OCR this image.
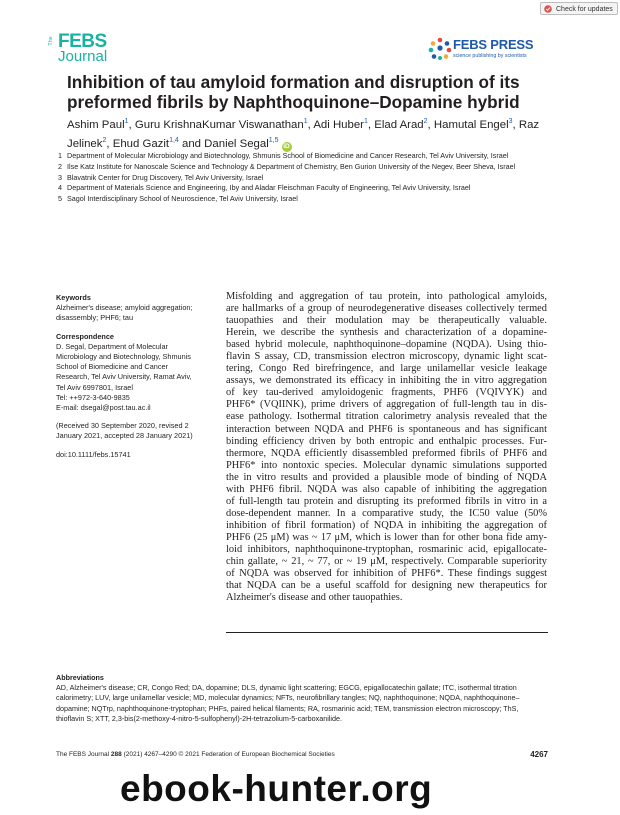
Check for updates
The FEBS
Journal
FEBS PRESS
science publishing by scientists
Inhibition of tau amyloid formation and disruption of its preformed fibrils by Naphthoquinone–Dopamine hybrid
Ashim Paul$^1$, Guru KrishnaKumar Viswanathan$^1$, Adi Huber$^1$, Elad Arad$^2$, Hamutal Engel$^3$, Raz Jelinek$^2$, Ehud Gazit$^{1,4}$ and Daniel Segal$^{1,5}$iD
1 Department of Molecular Microbiology and Biotechnology, Shmunis School of Biomedicine and Cancer Research, Tel Aviv University, Israel
2 Ilse Katz Institute for Nanoscale Science and Technology & Department of Chemistry, Ben Gurion University of the Negev, Beer Sheva, Israel
3 Blavatnik Center for Drug Discovery, Tel Aviv University, Israel
4 Department of Materials Science and Engineering, Iby and Aladar Fleischman Faculty of Engineering, Tel Aviv University, Israel
5 Sagol Interdisciplinary School of Neuroscience, Tel Aviv University, Israel

Keywords

Alzheimer's disease; amyloid aggregation; disassembly; PHF6; tau

Correspondence

D. Segal, Department of Molecular
Microbiology and Biotechnology, Shmunis
School of Biomedicine and Cancer
Research, Tel Aviv University, Ramat Aviv,
Tel Aviv 6997801, Israel
Tel: ++972-3-640-9835
E-mail: dsegal@post.tau.ac.il
(Received 30 September 2020, revised 2
January 2021, accepted 28 January 2021)
doi:10.1111/febs.15741
Misfolding and aggregation of tau protein, into pathological amyloids,
are hallmarks of a group of neurodegenerative diseases collectively termed
tauopathies and their modulation may be therapeutically valuable.
Herein, we describe the synthesis and characterization of a dopamine-
based hybrid molecule, naphthoquinone–dopamine (NQDA). Using thio-
flavin S assay, CD, transmission electron microscopy, dynamic light scat-
tering, Congo Red birefringence, and large unilamellar vesicle leakage
assays, we demonstrated its efficacy in inhibiting the in vitro aggregation
of key tau-derived amyloidogenic fragments, PHF6 (VQIVYK) and
PHF6* (VQIINK), prime drivers of aggregation of full-length tau in dis-
ease pathology. Isothermal titration calorimetry analysis revealed that the
interaction between NQDA and PHF6 is spontaneous and has significant
binding efficiency driven by both entropic and enthalpic processes. Fur-
thermore, NQDA efficiently disassembled preformed fibrils of PHF6 and
PHF6* into nontoxic species. Molecular dynamic simulations supported
the in vitro results and provided a plausible mode of binding of NQDA
with PHF6 fibril. NQDA was also capable of inhibiting the aggregation
of full-length tau protein and disrupting its preformed fibrils in vitro in a
dose-dependent manner. In a comparative study, the IC50 value (50%
inhibition of fibril formation) of NQDA in inhibiting the aggregation of
PHF6 (25 μM) was ~ 17 μM, which is lower than for other bona fide amy-
loid inhibitors, naphthoquinone-tryptophan, rosmarinic acid, epigallocate-
chin gallate, ~ 21, ~ 77, or ~ 19 μM, respectively. Comparable superiority
of NQDA was observed for inhibition of PHF6*. These findings suggest
that NQDA can be a useful scaffold for designing new therapeutics for
Alzheimer's disease and other tauopathies.
Abbreviations
AD, Alzheimer's disease; CR, Congo Red; DA, dopamine; DLS, dynamic light scattering; EGCG, epigallocatechin gallate; ITC, isothermal titration calorimetry; LUV, large unilamellar vesicle; MD, molecular dynamics; NFTs, neurofibrillary tangles; NQ, naphthoquinone; NQDA, naphthoquinone–dopamine; NQTrp, naphthoquinone-tryptophan; PHFs, paired helical filaments; RA, rosmarinic acid; TEM, transmission electron microscopy; ThS, thioflavin S; XTT, 2,3-bis(2-methoxy-4-nitro-5-sulfophenyl)-2H-tetrazolium-5-carboxanilide.
The FEBS Journal 288 (2021) 4267–4290 © 2021 Federation of European Biochemical Societies	4267
ebook-hunter.org
